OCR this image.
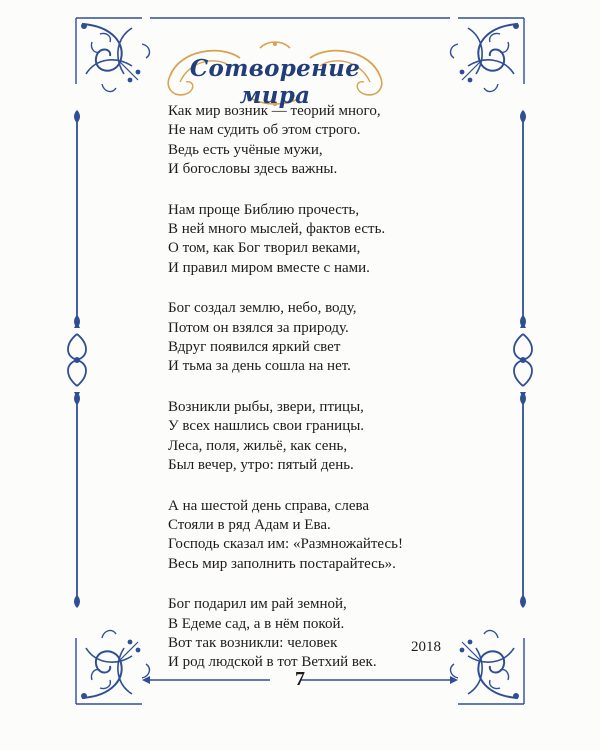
Сотворение мира
Как мир возник — теорий много,
Не нам судить об этом строго.
Ведь есть учёные мужи,
И богословы здесь важны.
Нам проще Библию прочесть,
В ней много мыслей, фактов есть.
О том, как Бог творил веками,
И правил миром вместе с нами.
Бог создал землю, небо, воду,
Потом он взялся за природу.
Вдруг появился яркий свет
И тьма за день сошла на нет.
Возникли рыбы, звери, птицы,
У всех нашлись свои границы.
Леса, поля, жильё, как сень,
Был вечер, утро: пятый день.
А на шестой день справа, слева
Стояли в ряд Адам и Ева.
Господь сказал им: «Размножайтесь!
Весь мир заполнить постарайтесь».
Бог подарил им рай земной,
В Едеме сад, а в нём покой.
Вот так возникли: человек
И род людской в тот Ветхий век.
2018
7
